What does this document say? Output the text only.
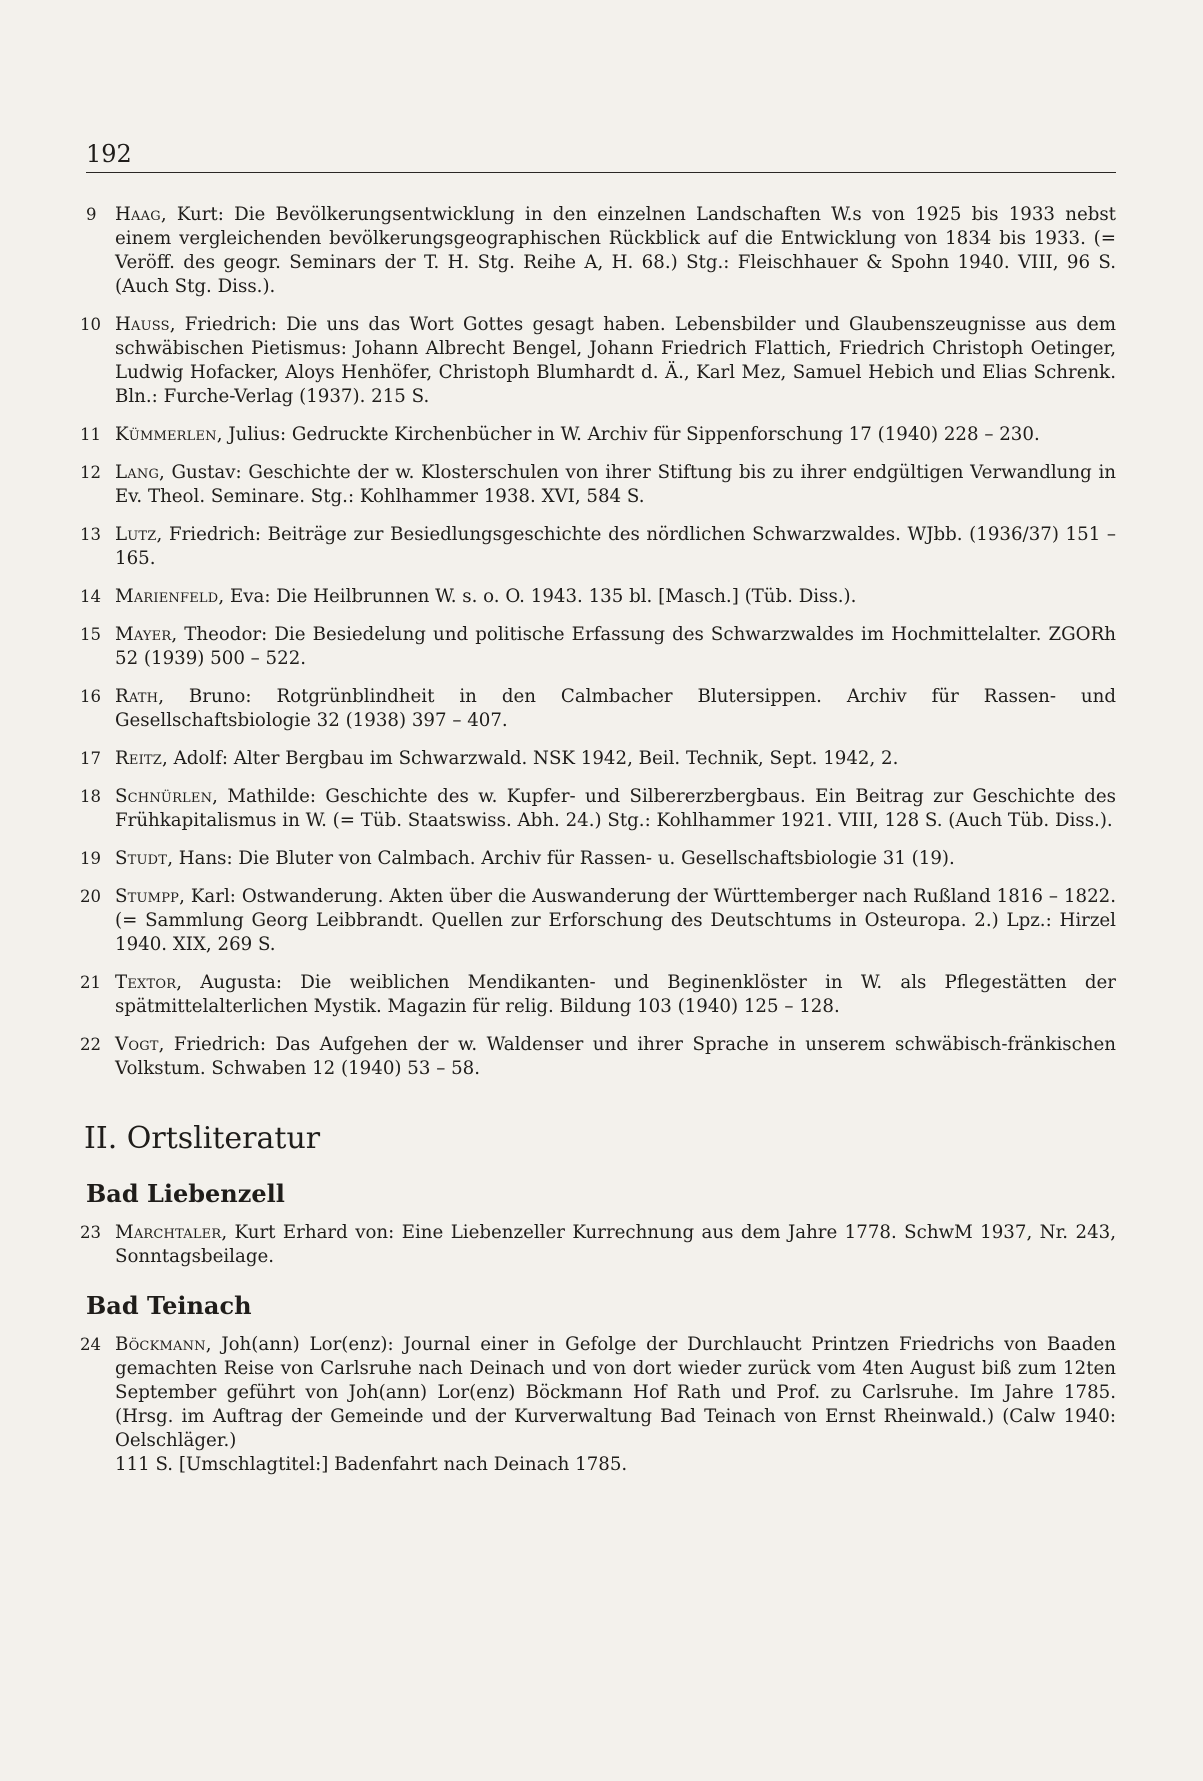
192
9 Haag, Kurt: Die Bevölkerungsentwicklung in den einzelnen Landschaften W.s von 1925 bis 1933 nebst einem vergleichenden bevölkerungsgeographischen Rückblick auf die Entwicklung von 1834 bis 1933. (= Veröff. des geogr. Seminars der T. H. Stg. Reihe A, H. 68.) Stg.: Fleischhauer & Spohn 1940. VIII, 96 S. (Auch Stg. Diss.).
10 Hauss, Friedrich: Die uns das Wort Gottes gesagt haben. Lebensbilder und Glaubenszeugnisse aus dem schwäbischen Pietismus: Johann Albrecht Bengel, Johann Friedrich Flattich, Friedrich Christoph Oetinger, Ludwig Hofacker, Aloys Henhöfer, Christoph Blumhardt d. Ä., Karl Mez, Samuel Hebich und Elias Schrenk. Bln.: Furche-Verlag (1937). 215 S.
11 Kümmerlen, Julius: Gedruckte Kirchenbücher in W. Archiv für Sippenforschung 17 (1940) 228 – 230.
12 Lang, Gustav: Geschichte der w. Klosterschulen von ihrer Stiftung bis zu ihrer endgültigen Verwandlung in Ev. Theol. Seminare. Stg.: Kohlhammer 1938. XVI, 584 S.
13 Lutz, Friedrich: Beiträge zur Besiedlungsgeschichte des nördlichen Schwarzwaldes. WJbb. (1936/37) 151 – 165.
14 Marienfeld, Eva: Die Heilbrunnen W. s. o. O. 1943. 135 bl. [Masch.] (Tüb. Diss.).
15 Mayer, Theodor: Die Besiedelung und politische Erfassung des Schwarzwaldes im Hochmittelalter. ZGORh 52 (1939) 500 – 522.
16 Rath, Bruno: Rotgrünblindheit in den Calmbacher Blutersippen. Archiv für Rassen- und Gesellschaftsbiologie 32 (1938) 397 – 407.
17 Reitz, Adolf: Alter Bergbau im Schwarzwald. NSK 1942, Beil. Technik, Sept. 1942, 2.
18 Schnürlen, Mathilde: Geschichte des w. Kupfer- und Silbererzbergbaus. Ein Beitrag zur Geschichte des Frühkapitalismus in W. (= Tüb. Staatswiss. Abh. 24.) Stg.: Kohlhammer 1921. VIII, 128 S. (Auch Tüb. Diss.).
19 Studt, Hans: Die Bluter von Calmbach. Archiv für Rassen- u. Gesellschaftsbiologie 31 (19).
20 Stumpp, Karl: Ostwanderung. Akten über die Auswanderung der Württemberger nach Rußland 1816 – 1822. (= Sammlung Georg Leibbrandt. Quellen zur Erforschung des Deutschtums in Osteuropa. 2.) Lpz.: Hirzel 1940. XIX, 269 S.
21 Textor, Augusta: Die weiblichen Mendikanten- und Beginenklöster in W. als Pflegestätten der spätmittelalterlichen Mystik. Magazin für relig. Bildung 103 (1940) 125 – 128.
22 Vogt, Friedrich: Das Aufgehen der w. Waldenser und ihrer Sprache in unserem schwäbisch-fränkischen Volkstum. Schwaben 12 (1940) 53 – 58.
II. Ortsliteratur
Bad Liebenzell
23 Marchtaler, Kurt Erhard von: Eine Liebenzeller Kurrechnung aus dem Jahre 1778. SchwM 1937, Nr. 243, Sonntagsbeilage.
Bad Teinach
24 Böckmann, Joh(ann) Lor(enz): Journal einer in Gefolge der Durchlaucht Printzen Friedrichs von Baaden gemachten Reise von Carlsruhe nach Deinach und von dort wieder zurück vom 4ten August biß zum 12ten September geführt von Joh(ann) Lor(enz) Böckmann Hof Rath und Prof. zu Carlsruhe. Im Jahre 1785. (Hrsg. im Auftrag der Gemeinde und der Kurverwaltung Bad Teinach von Ernst Rheinwald.) (Calw 1940: Oelschläger.)
111 S. [Umschlagtitel:] Badenfahrt nach Deinach 1785.
